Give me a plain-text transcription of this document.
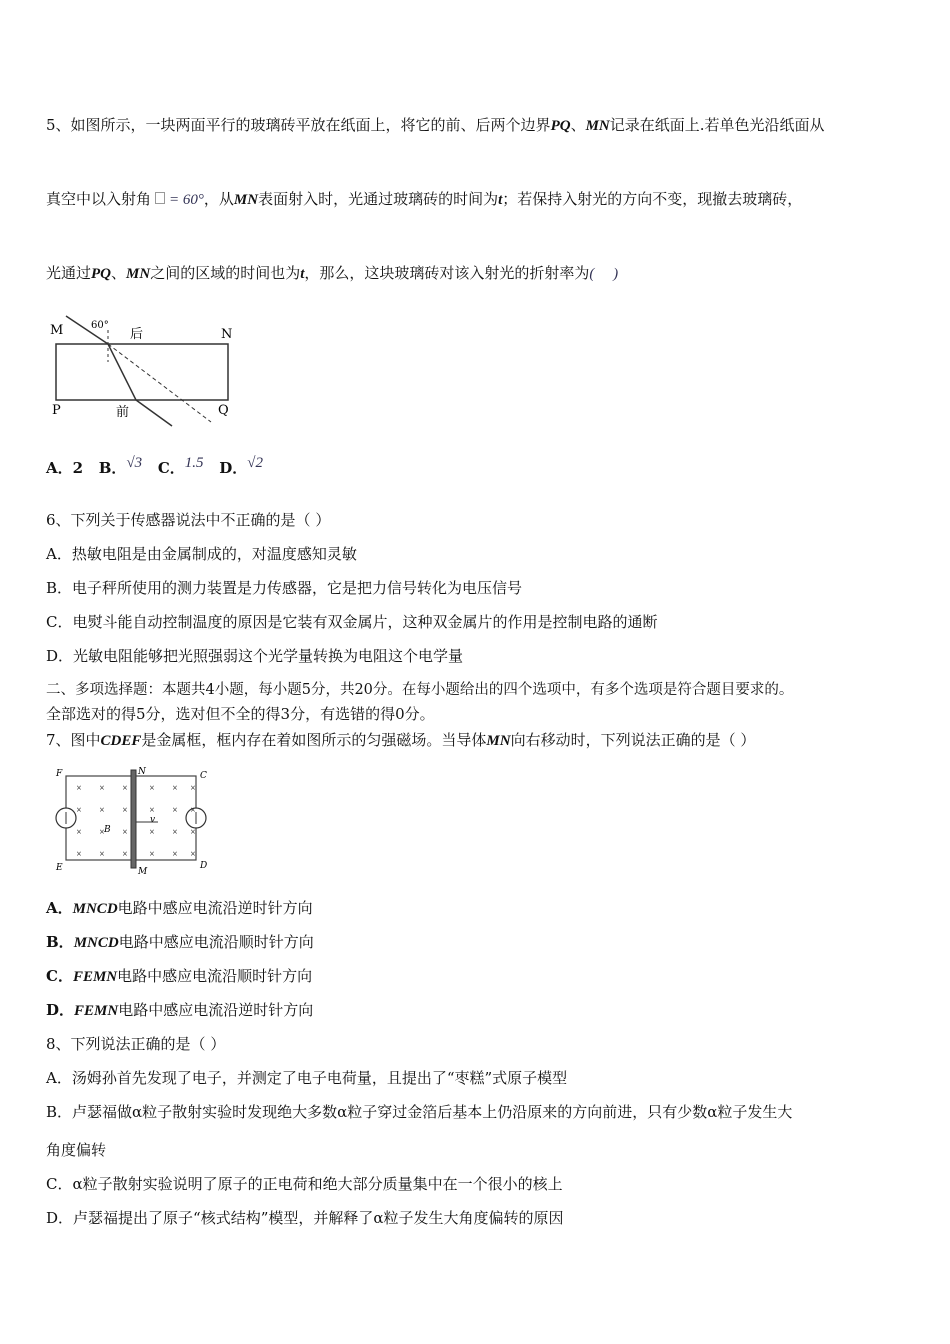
5、如图所示，一块两面平行的玻璃砖平放在纸面上，将它的前、后两个边界PQ、MN记录在纸面上.若单色光沿纸面从
真空中以入射角 = 60°，从MN表面射入时，光通过玻璃砖的时间为t；若保持入射光的方向不变，现撤去玻璃砖，
光通过PQ、MN之间的区域的时间也为t，那么，这块玻璃砖对该入射光的折射率为(     )
M	N
P	Q
后
前
60°
A．2 B．√3 C．1.5 D．√2
6、下列关于传感器说法中不正确的是（ ）
A．热敏电阻是由金属制成的，对温度感知灵敏
B．电子秤所使用的测力装置是力传感器，它是把力信号转化为电压信号
C．电熨斗能自动控制温度的原因是它装有双金属片，这种双金属片的作用是控制电路的通断
D．光敏电阻能够把光照强弱这个光学量转换为电阻这个电学量
二、多项选择题：本题共4小题，每小题5分，共20分。在每小题给出的四个选项中，有多个选项是符合题目要求的。
全部选对的得5分，选对但不全的得3分，有选错的得0分。
7、图中CDEF是金属框，框内存在着如图所示的匀强磁场。当导体MN向右移动时，下列说法正确的是（ ）
F	N	C
E	M
D
B
v
×
×
×
×
×
×
×
×
×
×
×
×
×
×
×
×
×
×
×
×
×
×
×
×
A．MNCD电路中感应电流沿逆时针方向
B．MNCD电路中感应电流沿顺时针方向
C．FEMN电路中感应电流沿顺时针方向
D．FEMN电路中感应电流沿逆时针方向
8、下列说法正确的是（ ）
A．汤姆孙首先发现了电子，并测定了电子电荷量，且提出了“枣糕”式原子模型
B．卢瑟福做α粒子散射实验时发现绝大多数α粒子穿过金箔后基本上仍沿原来的方向前进，只有少数α粒子发生大
角度偏转
C．α粒子散射实验说明了原子的正电荷和绝大部分质量集中在一个很小的核上
D．卢瑟福提出了原子“核式结构”模型，并解释了α粒子发生大角度偏转的原因
